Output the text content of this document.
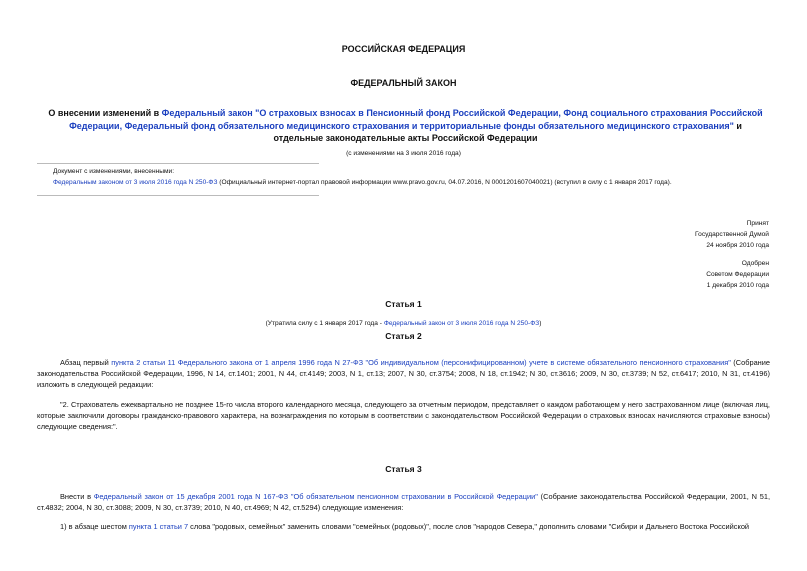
РОССИЙСКАЯ ФЕДЕРАЦИЯ
ФЕДЕРАЛЬНЫЙ ЗАКОН
О внесении изменений в Федеральный закон "О страховых взносах в Пенсионный фонд Российской Федерации, Фонд социального страхования Российской Федерации, Федеральный фонд обязательного медицинского страхования и территориальные фонды обязательного медицинского страхования" и отдельные законодательные акты Российской Федерации
(с изменениями на 3 июля 2016 года)
Документ с изменениями, внесенными:
Федеральным законом от 3 июля 2016 года N 250-ФЗ (Официальный интернет-портал правовой информации www.pravo.gov.ru, 04.07.2016, N 0001201607040021) (вступил в силу с 1 января 2017 года).
Принят
Государственной Думой
24 ноября 2010 года
Одобрен
Советом Федерации
1 декабря 2010 года
Статья 1
(Утратила силу с 1 января 2017 года - Федеральный закон от 3 июля 2016 года N 250-ФЗ)
Статья 2
Абзац первый пункта 2 статьи 11 Федерального закона от 1 апреля 1996 года N 27-ФЗ "Об индивидуальном (персонифицированном) учете в системе обязательного пенсионного страхования" (Собрание законодательства Российской Федерации, 1996, N 14, ст.1401; 2001, N 44, ст.4149; 2003, N 1, ст.13; 2007, N 30, ст.3754; 2008, N 18, ст.1942; N 30, ст.3616; 2009, N 30, ст.3739; N 52, ст.6417; 2010, N 31, ст.4196) изложить в следующей редакции:
"2. Страхователь ежеквартально не позднее 15-го числа второго календарного месяца, следующего за отчетным периодом, представляет о каждом работающем у него застрахованном лице (включая лиц, которые заключили договоры гражданско-правового характера, на вознаграждения по которым в соответствии с законодательством Российской Федерации о страховых взносах начисляются страховые взносы) следующие сведения:".
Статья 3
Внести в Федеральный закон от 15 декабря 2001 года N 167-ФЗ "Об обязательном пенсионном страховании в Российской Федерации" (Собрание законодательства Российской Федерации, 2001, N 51, ст.4832; 2004, N 30, ст.3088; 2009, N 30, ст.3739; 2010, N 40, ст.4969; N 42, ст.5294) следующие изменения:
1) в абзаце шестом пункта 1 статьи 7 слова "родовых, семейных" заменить словами "семейных (родовых)", после слов "народов Севера," дополнить словами "Сибири и Дальнего Востока Российской
